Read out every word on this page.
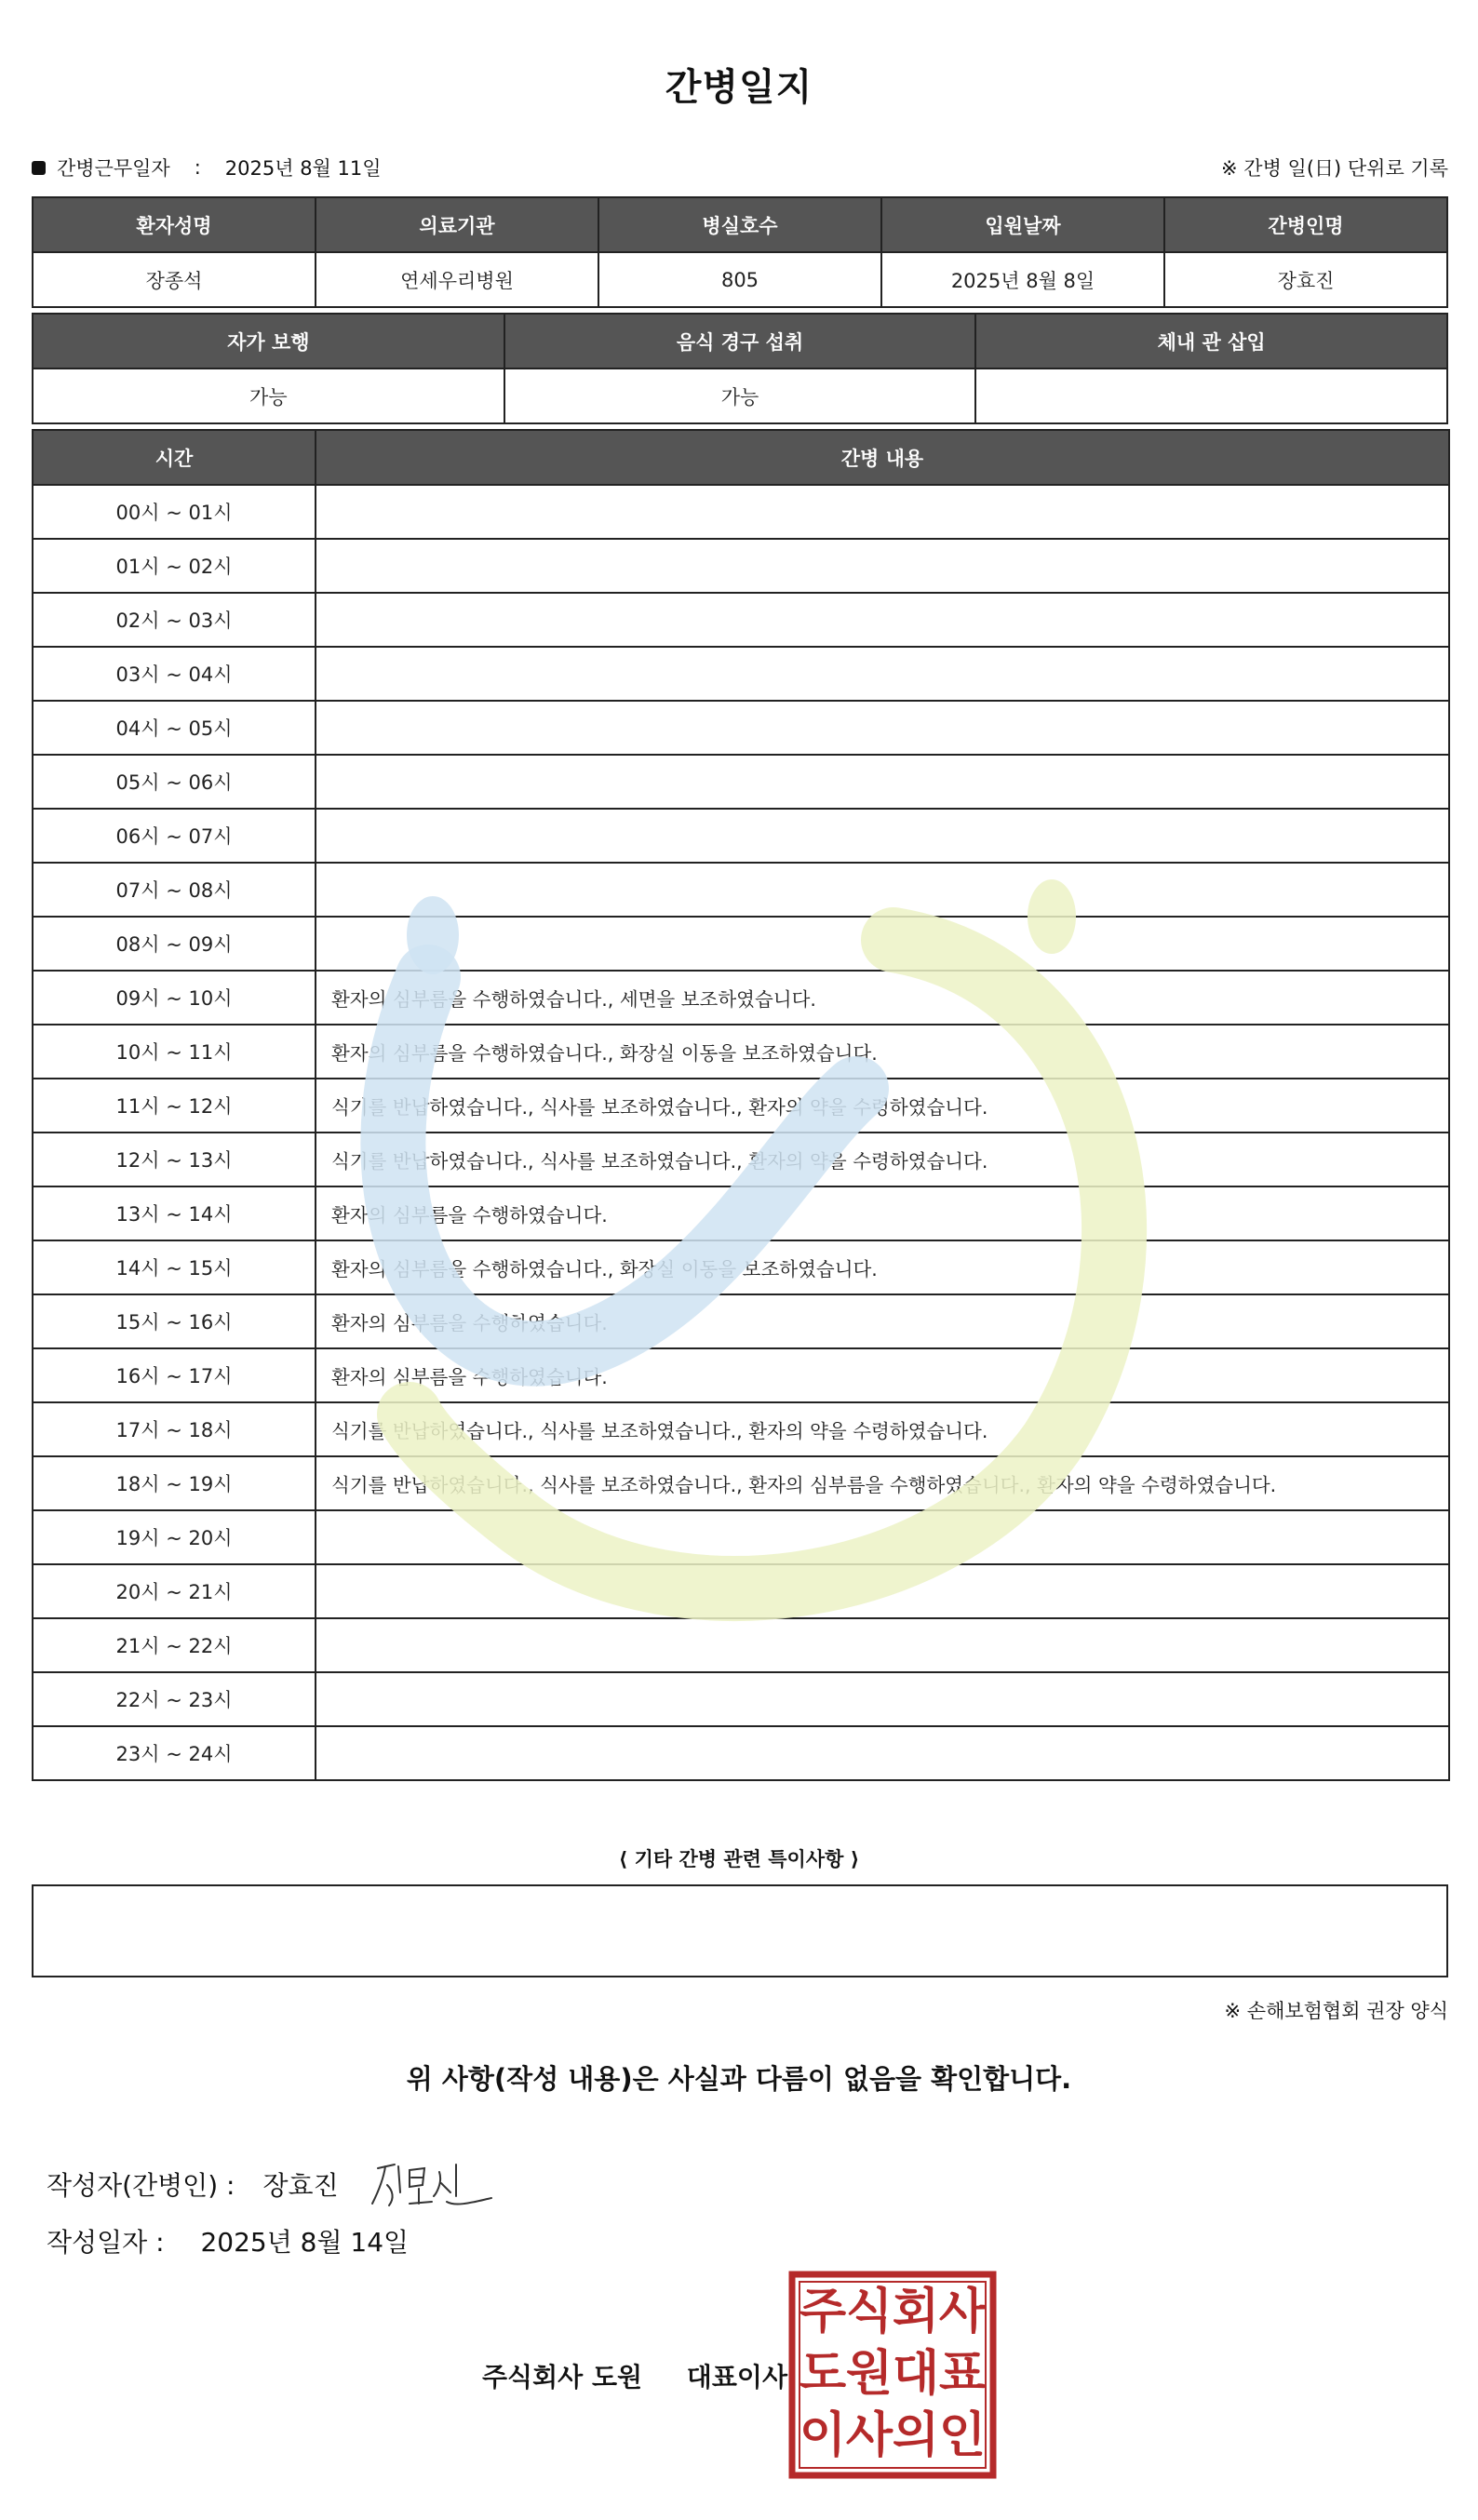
간병일지
간병근무일자 : 2025년 8월 11일	※ 간병 일(日) 단위로 기록
환자성명	의료기관	병실호수	입원날짜	간병인명
장종석	연세우리병원	805	2025년 8월 8일	장효진
자가 보행	음식 경구 섭취	체내 관 삽입
가능	가능	
시간	간병 내용
00시 ~ 01시	
01시 ~ 02시	
02시 ~ 03시	
03시 ~ 04시	
04시 ~ 05시	
05시 ~ 06시	
06시 ~ 07시	
07시 ~ 08시	
08시 ~ 09시	
09시 ~ 10시	환자의 심부름을 수행하였습니다., 세면을 보조하였습니다.
10시 ~ 11시	환자의 심부름을 수행하였습니다., 화장실 이동을 보조하였습니다.
11시 ~ 12시	식기를 반납하였습니다., 식사를 보조하였습니다., 환자의 약을 수령하였습니다.
12시 ~ 13시	식기를 반납하였습니다., 식사를 보조하였습니다., 환자의 약을 수령하였습니다.
13시 ~ 14시	환자의 심부름을 수행하였습니다.
14시 ~ 15시	환자의 심부름을 수행하였습니다., 화장실 이동을 보조하였습니다.
15시 ~ 16시	환자의 심부름을 수행하였습니다.
16시 ~ 17시	환자의 심부름을 수행하였습니다.
17시 ~ 18시	식기를 반납하였습니다., 식사를 보조하였습니다., 환자의 약을 수령하였습니다.
18시 ~ 19시	식기를 반납하였습니다., 식사를 보조하였습니다., 환자의 심부름을 수행하였습니다., 환자의 약을 수령하였습니다.
19시 ~ 20시	
20시 ~ 21시	
21시 ~ 22시	
22시 ~ 23시	
23시 ~ 24시	
⟨ 기타 간병 관련 특이사항 ⟩
※ 손해보험협회 권장 양식
위 사항(작성 내용)은 사실과 다름이 없음을 확인합니다.
작성자(간병인) : 장효진
작성일자 : 2025년 8월 14일
주식회사 도원 대표이사
주 식 회 사
도 원 대 표
이 사 의 인
